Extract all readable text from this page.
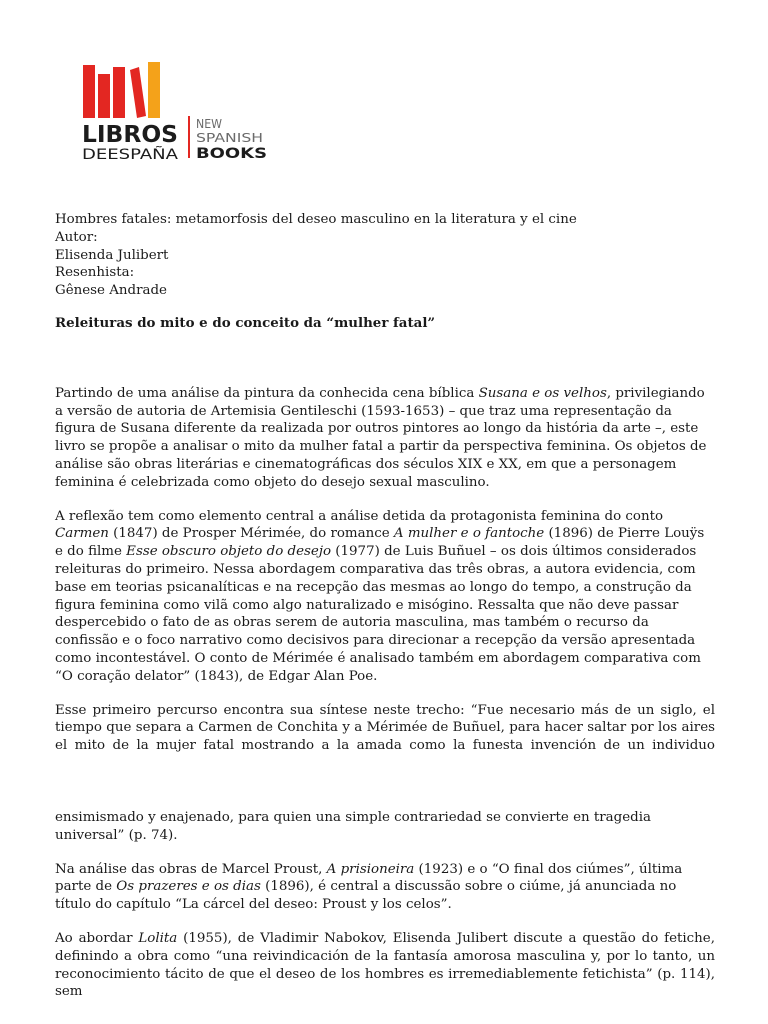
LIBROS
DEESPAÑA
NEW
SPANISH
BOOKS

Hombres fatales: metamorfosis del deseo masculino en la literatura y el cine

Autor:

Elisenda Julibert

Resenhista:

Gênese Andrade

Releituras do mito e do conceito da “mulher fatal”

Partindo de uma análise da pintura da conhecida cena bíblica Susana e os velhos, privilegiando a versão de autoria de Artemisia Gentileschi (1593-1653) – que traz uma representação da figura de Susana diferente da realizada por outros pintores ao longo da história da arte –, este livro se propõe a analisar o mito da mulher fatal a partir da perspectiva feminina. Os objetos de análise são obras literárias e cinematográficas dos séculos XIX e XX, em que a personagem feminina é celebrizada como objeto do desejo sexual masculino.

A reflexão tem como elemento central a análise detida da protagonista feminina do conto Carmen (1847) de Prosper Mérimée, do romance A mulher e o fantoche (1896) de Pierre Louÿs e do filme Esse obscuro objeto do desejo (1977) de Luis Buñuel – os dois últimos considerados releituras do primeiro. Nessa abordagem comparativa das três obras, a autora evidencia, com base em teorias psicanalíticas e na recepção das mesmas ao longo do tempo, a construção da figura feminina como vilã como algo naturalizado e misógino. Ressalta que não deve passar despercebido o fato de as obras serem de autoria masculina, mas também o recurso da confissão e o foco narrativo como decisivos para direcionar a recepção da versão apresentada como incontestável. O conto de Mérimée é analisado também em abordagem comparativa com “O coração delator” (1843), de Edgar Alan Poe.

Esse primeiro percurso encontra sua síntese neste trecho: “Fue necesario más de un siglo, el tiempo que separa a Carmen de Conchita y a Mérimée de Buñuel, para hacer saltar por los aires el mito de la mujer fatal mostrando a la amada como la funesta invención de un individuo

ensimismado y enajenado, para quien una simple contrariedad se convierte en tragedia universal” (p. 74).

Na análise das obras de Marcel Proust, A prisioneira (1923) e o “O final dos ciúmes”, última parte de Os prazeres e os dias (1896), é central a discussão sobre o ciúme, já anunciada no título do capítulo “La cárcel del deseo: Proust y los celos”.

Ao abordar Lolita (1955), de Vladimir Nabokov, Elisenda Julibert discute a questão do fetiche, definindo a obra como “una reivindicación de la fantasía amorosa masculina y, por lo tanto, un reconocimiento tácito de que el deseo de los hombres es irremediablemente fetichista” (p. 114), sem
